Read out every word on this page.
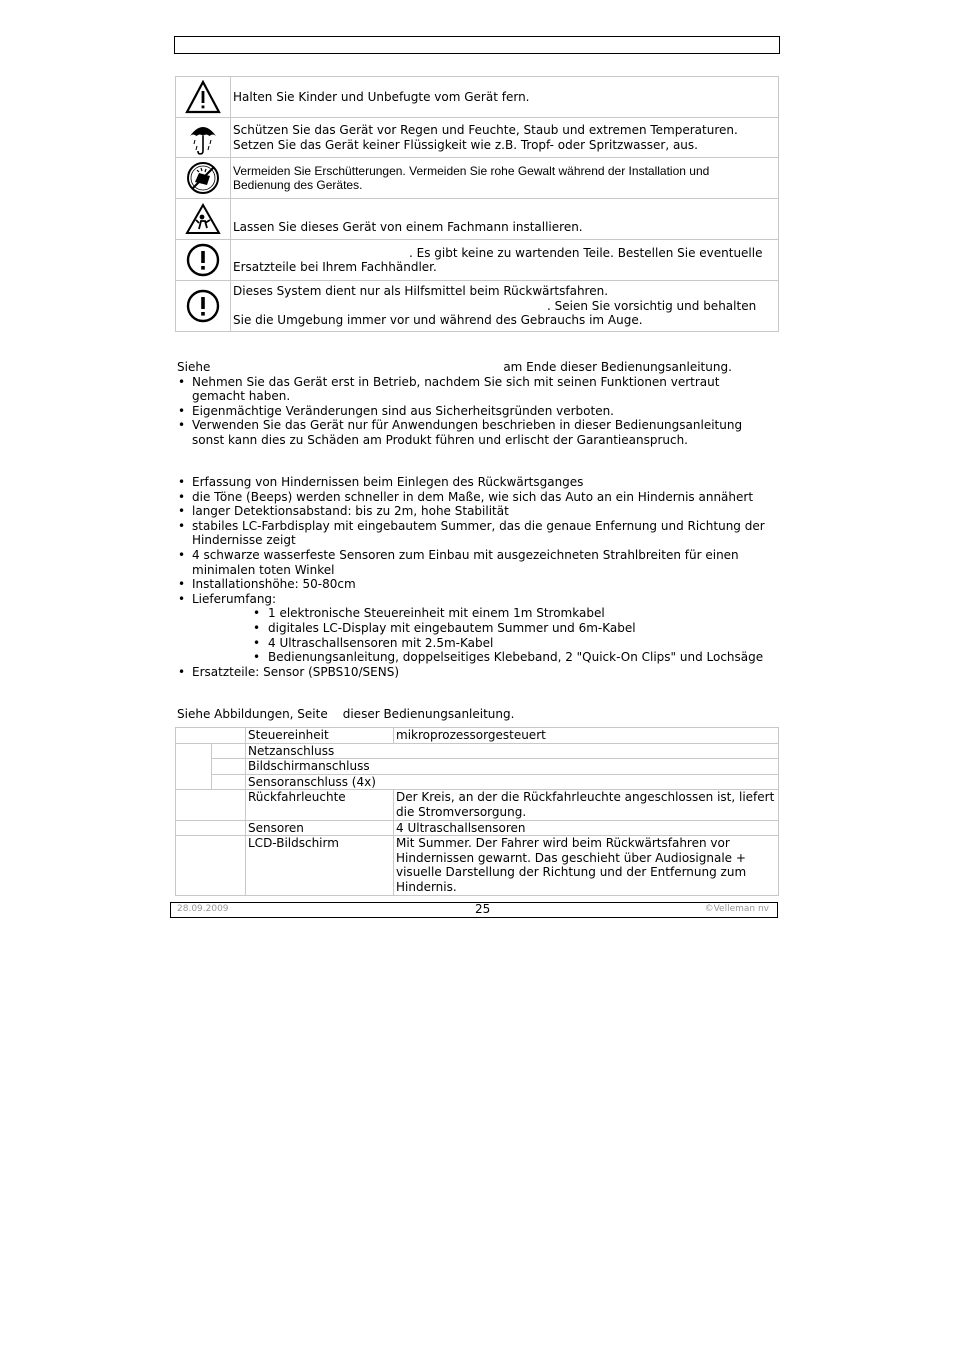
	Halten Sie Kinder und Unbefugte vom Gerät fern.

	Schützen Sie das Gerät vor Regen und Feuchte, Staub und extremen Temperaturen.
Setzen Sie das Gerät keiner Flüssigkeit wie z.B. Tropf- oder Spritzwasser, aus.

	Vermeiden Sie Erschütterungen. Vermeiden Sie rohe Gewalt während der Installation und
Bedienung des Gerätes.

	Lassen Sie dieses Gerät von einem Fachmann installieren.

	. Es gibt keine zu wartenden Teile. Bestellen Sie eventuelle
Ersatzteile bei Ihrem Fachhändler.

	Dieses System dient nur als Hilfsmittel beim Rückwärtsfahren.
. Seien Sie vorsichtig und behalten
Sie die Umgebung immer vor und während des Gebrauchs im Auge.
Siehe	am Ende dieser Bedienungsanleitung.
• Nehmen Sie das Gerät erst in Betrieb, nachdem Sie sich mit seinen Funktionen vertraut
gemacht haben.
• Eigenmächtige Veränderungen sind aus Sicherheitsgründen verboten.
• Verwenden Sie das Gerät nur für Anwendungen beschrieben in dieser Bedienungsanleitung
sonst kann dies zu Schäden am Produkt führen und erlischt der Garantieanspruch.
• Erfassung von Hindernissen beim Einlegen des Rückwärtsganges
• die Töne (Beeps) werden schneller in dem Maße, wie sich das Auto an ein Hindernis annähert
• langer Detektionsabstand: bis zu 2m, hohe Stabilität
• stabiles LC-Farbdisplay mit eingebautem Summer, das die genaue Enfernung und Richtung der
Hindernisse zeigt
• 4 schwarze wasserfeste Sensoren zum Einbau mit ausgezeichneten Strahlbreiten für einen
minimalen toten Winkel
• Installationshöhe: 50-80cm
• Lieferumfang:
• 1 elektronische Steuereinheit mit einem 1m Stromkabel
• digitales LC-Display mit eingebautem Summer und 6m-Kabel
• 4 Ultraschallsensoren mit 2.5m-Kabel
• Bedienungsanleitung, doppelseitiges Klebeband, 2 "Quick-On Clips" und Lochsäge
• Ersatzteile: Sensor (SPBS10/SENS)
Siehe Abbildungen, Seite dieser Bedienungsanleitung.
		Steuereinheit	mikroprozessorgesteuert
		Netzanschluss	
		Bildschirmanschluss	
		Sensoranschluss (4x)	
		Rückfahrleuchte	Der Kreis, an der die Rückfahrleuchte angeschlossen ist, liefert
die Stromversorgung.
		Sensoren	4 Ultraschallsensoren
		LCD-Bildschirm	Mit Summer. Der Fahrer wird beim Rückwärtsfahren vor
Hindernissen gewarnt. Das geschieht über Audiosignale +
visuelle Darstellung der Richtung und der Entfernung zum
Hindernis.
28.09.2009	25	©Velleman nv
